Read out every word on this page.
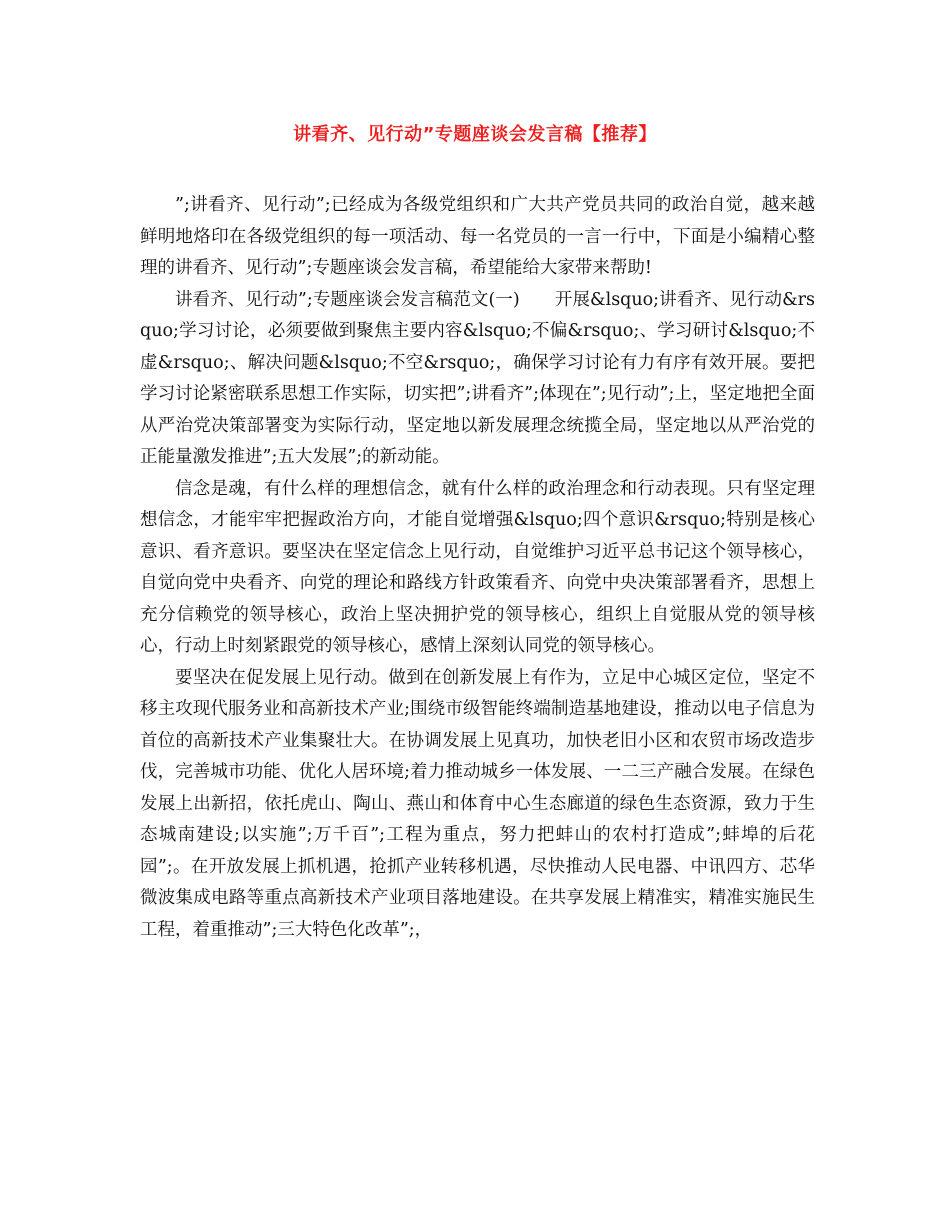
讲看齐、见行动”专题座谈会发言稿【推荐】

”;讲看齐、见行动”;已经成为各级党组织和广大共产党员共同的政治自觉，越来越鲜明地烙印在各级党组织的每一项活动、每一名党员的一言一行中，下面是小编精心整理的讲看齐、见行动”;专题座谈会发言稿，希望能给大家带来帮助!

讲看齐、见行动”;专题座谈会发言稿范文(一)　　开展&lsquo;讲看齐、见行动&rsquo;学习讨论，必须要做到聚焦主要内容&lsquo;不偏&rsquo;、学习研讨&lsquo;不虚&rsquo;、解决问题&lsquo;不空&rsquo;，确保学习讨论有力有序有效开展。要把学习讨论紧密联系思想工作实际，切实把”;讲看齐”;体现在”;见行动”;上，坚定地把全面从严治党决策部署变为实际行动，坚定地以新发展理念统揽全局，坚定地以从严治党的正能量激发推进”;五大发展”;的新动能。

信念是魂，有什么样的理想信念，就有什么样的政治理念和行动表现。只有坚定理想信念，才能牢牢把握政治方向，才能自觉增强&lsquo;四个意识&rsquo;特别是核心意识、看齐意识。要坚决在坚定信念上见行动，自觉维护习近平总书记这个领导核心，自觉向党中央看齐、向党的理论和路线方针政策看齐、向党中央决策部署看齐，思想上充分信赖党的领导核心，政治上坚决拥护党的领导核心，组织上自觉服从党的领导核心，行动上时刻紧跟党的领导核心，感情上深刻认同党的领导核心。

要坚决在促发展上见行动。做到在创新发展上有作为，立足中心城区定位，坚定不移主攻现代服务业和高新技术产业;围绕市级智能终端制造基地建设，推动以电子信息为首位的高新技术产业集聚壮大。在协调发展上见真功，加快老旧小区和农贸市场改造步伐，完善城市功能、优化人居环境;着力推动城乡一体发展、一二三产融合发展。在绿色发展上出新招，依托虎山、陶山、燕山和体育中心生态廊道的绿色生态资源，致力于生态城南建设;以实施”;万千百”;工程为重点，努力把蚌山的农村打造成”;蚌埠的后花园”;。在开放发展上抓机遇，抢抓产业转移机遇，尽快推动人民电器、中讯四方、芯华微波集成电路等重点高新技术产业项目落地建设。在共享发展上精准实，精准实施民生工程，着重推动”;三大特色化改革”;，
